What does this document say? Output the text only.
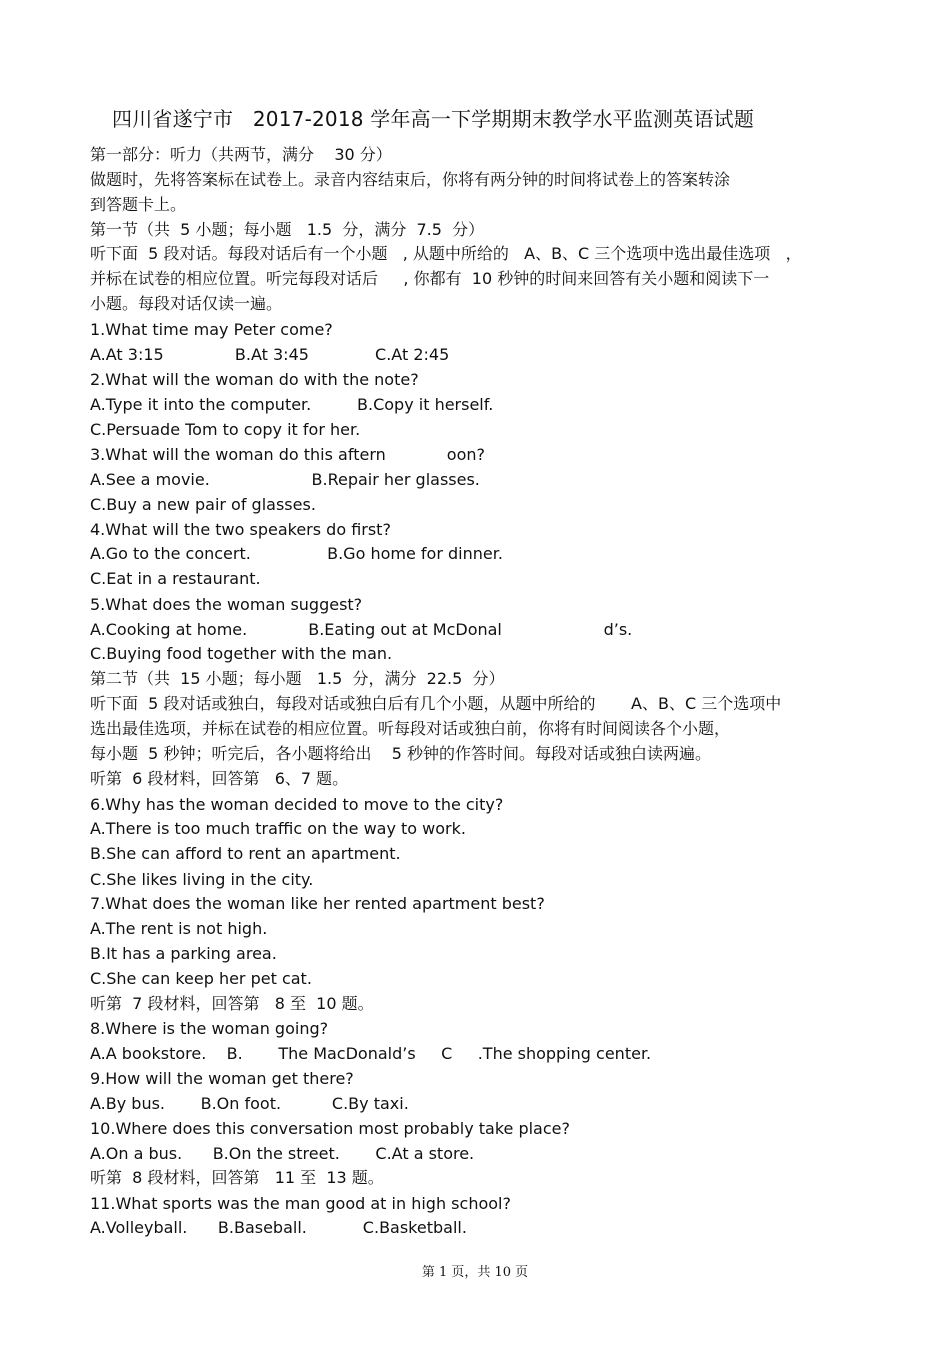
四川省遂宁市   2017-2018 学年高一下学期期末教学水平监测英语试题
第一部分：听力（共两节，满分    30 分）
做题时，先将答案标在试卷上。录音内容结束后，你将有两分钟的时间将试卷上的答案转涂
到答题卡上。
第一节（共  5 小题；每小题   1.5  分，满分  7.5  分）
听下面  5 段对话。每段对话后有一个小题   , 从题中所给的   A、B、C 三个选项中选出最佳选项   ，
并标在试卷的相应位置。听完每段对话后     , 你都有  10 秒钟的时间来回答有关小题和阅读下一
小题。每段对话仅读一遍。
1.What time may Peter come?
A.At 3:15              B.At 3:45             C.At 2:45
2.What will the woman do with the note?
A.Type it into the computer.         B.Copy it herself.
C.Persuade Tom to copy it for her.
3.What will the woman do this aftern            oon?
A.See a movie.                    B.Repair her glasses.
C.Buy a new pair of glasses.
4.What will the two speakers do first?
A.Go to the concert.               B.Go home for dinner.
C.Eat in a restaurant.
5.What does the woman suggest?
A.Cooking at home.            B.Eating out at McDonal                    d’s.
C.Buying food together with the man.
第二节（共  15 小题；每小题   1.5  分，满分  22.5  分）
听下面  5 段对话或独白，每段对话或独白后有几个小题，从题中所给的       A、B、C 三个选项中
选出最佳选项，并标在试卷的相应位置。听每段对话或独白前，你将有时间阅读各个小题，
每小题  5 秒钟；听完后，各小题将给出    5 秒钟的作答时间。每段对话或独白读两遍。
听第  6 段材料，回答第   6、7 题。
6.Why has the woman decided to move to the city?
A.There is too much traffic on the way to work.
B.She can afford to rent an apartment.
C.She likes living in the city.
7.What does the woman like her rented apartment best?
A.The rent is not high.
B.It has a parking area.
C.She can keep her pet cat.
听第  7 段材料，回答第   8 至  10 题。
8.Where is the woman going?
A.A bookstore.    B.       The MacDonald’s     C     .The shopping center.
9.How will the woman get there?
A.By bus.       B.On foot.          C.By taxi.
10.Where does this conversation most probably take place?
A.On a bus.      B.On the street.       C.At a store.
听第  8 段材料，回答第   11 至  13 题。
11.What sports was the man good at in high school?
A.Volleyball.      B.Baseball.           C.Basketball.
第 1 页，共 10 页
